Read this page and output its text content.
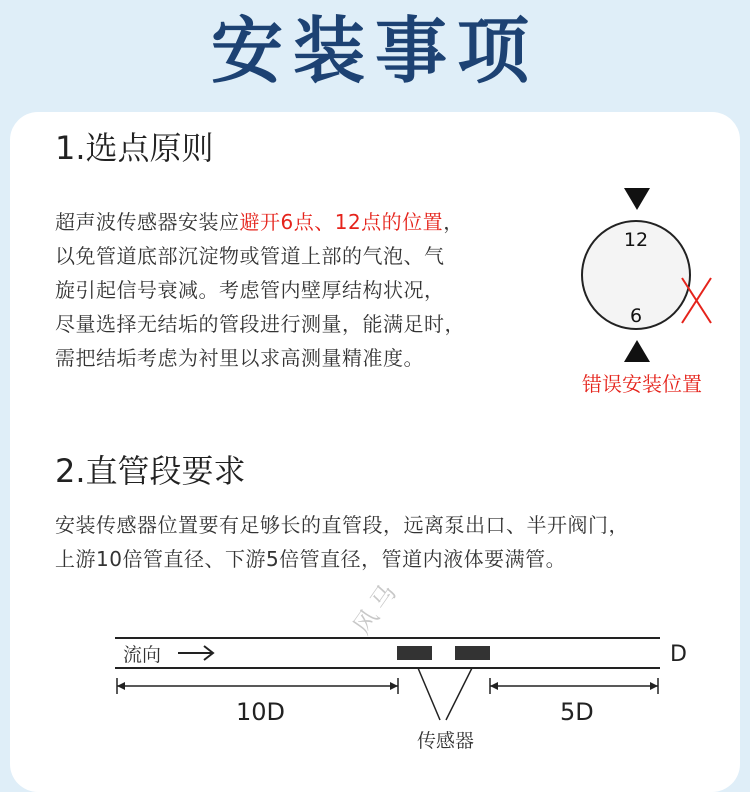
安装事项
1.选点原则
超声波传感器安装应避开6点、12点的位置，
以免管道底部沉淀物或管道上部的气泡、气
旋引起信号衰减。考虑管内壁厚结构状况，
尽量选择无结垢的管段进行测量，能满足时，
需把结垢考虑为衬里以求高测量精准度。
12
6
错误安装位置
2.直管段要求
安装传感器位置要有足够长的直管段，远离泵出口、半开阀门，
上游10倍管直径、下游5倍管直径，管道内液体要满管。
风马
流向	D
10D	5D
传感器
